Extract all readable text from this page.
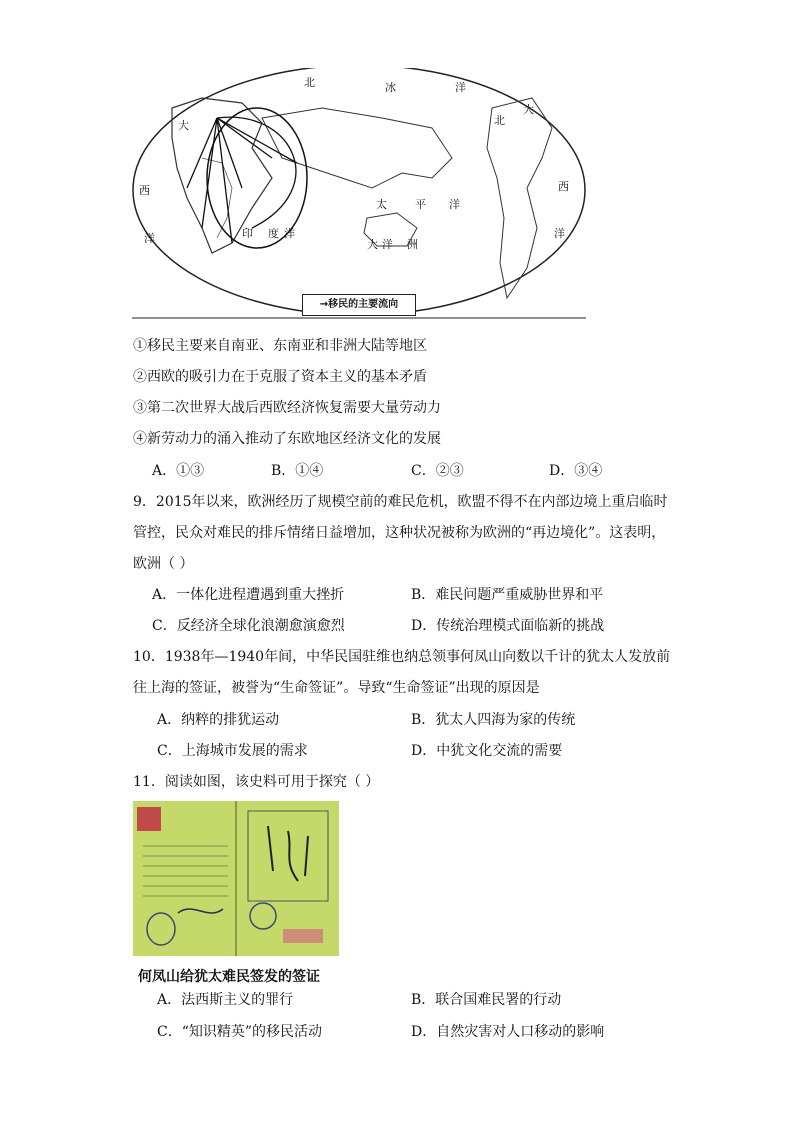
北	冰	洋
大
西
洋	印 度 洋
太	平 洋
大 洋 洲
大
北
西
洋
→移民的主要流向
①移民主要来自南亚、东南亚和非洲大陆等地区
②西欧的吸引力在于克服了资本主义的基本矛盾
③第二次世界大战后西欧经济恢复需要大量劳动力
④新劳动力的涌入推动了东欧地区经济文化的发展
A．①③	B．①④	C．②③	D．③④
9．2015年以来，欧洲经历了规模空前的难民危机，欧盟不得不在内部边境上重启临时
管控，民众对难民的排斥情绪日益增加，这种状况被称为欧洲的“再边境化”。这表明，
欧洲（ ）
A．一体化进程遭遇到重大挫折	B．难民问题严重威胁世界和平
C．反经济全球化浪潮愈演愈烈	D．传统治理模式面临新的挑战
10．1938年—1940年间，中华民国驻维也纳总领事何凤山向数以千计的犹太人发放前
往上海的签证，被誉为“生命签证”。导致“生命签证”出现的原因是
A．纳粹的排犹运动	B．犹太人四海为家的传统
C．上海城市发展的需求	D．中犹文化交流的需要
11．阅读如图，该史料可用于探究（ ）
何凤山给犹太难民签发的签证
A．法西斯主义的罪行	B．联合国难民署的行动
C．“知识精英”的移民活动	D．自然灾害对人口移动的影响
